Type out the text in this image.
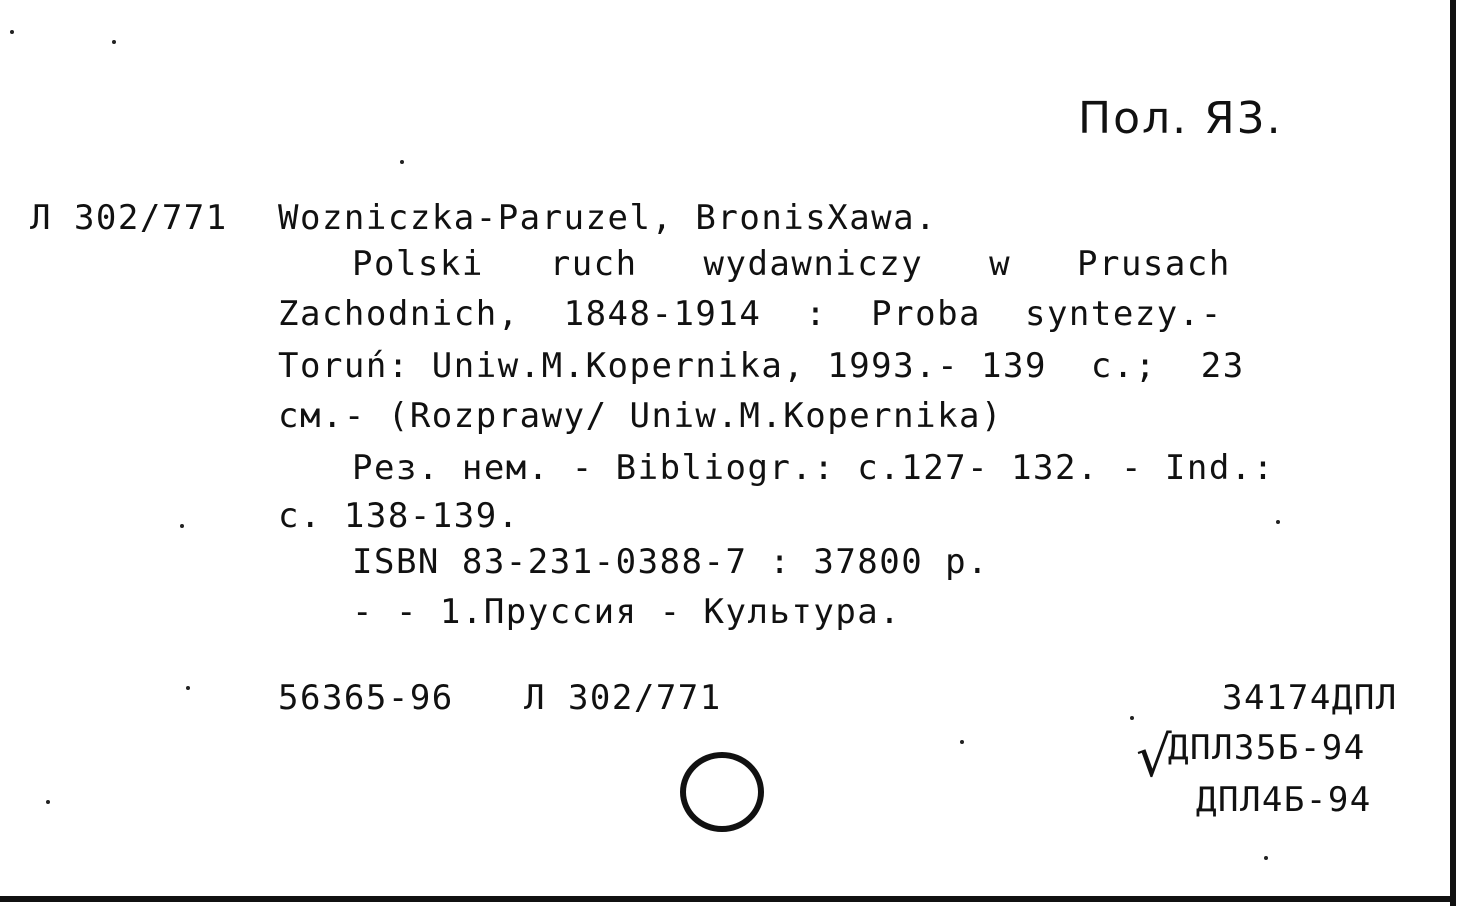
Пол. Я3.
Л 302/771 Wozniczka-Paruzel, BronisXawa.
Polski   ruch   wydawniczy   w   Prusach
Zachodnich,  1848-1914  :  Proba  syntezy.-
Toruń: Uniw.M.Kopernika, 1993.- 139  с.;  23
см.- (Rozprawy/ Uniw.M.Kopernika)
Рез. нем. - Bibliogr.: с.127- 132. - Ind.:
с. 138-139.
ISBN 83-231-0388-7 : 37800 р.
- - 1.Пруссия - Культура.
56365-96 Л 302/771	34174ДПЛ
√
ДПЛ35Б-94
ДПЛ4Б-94
